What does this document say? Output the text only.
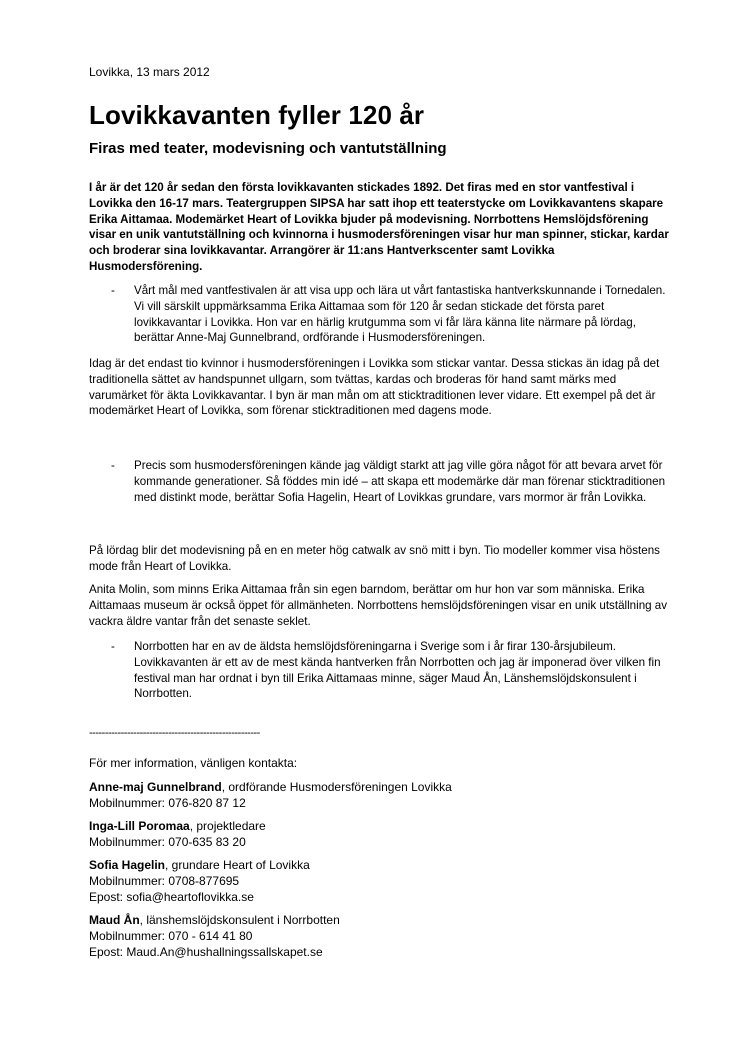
Lovikka, 13 mars 2012
Lovikkavanten fyller 120 år
Firas med teater, modevisning och vantutställning

I år är det 120 år sedan den första lovikkavanten stickades 1892. Det firas med en stor vantfestival i Lovikka den 16-17 mars. Teatergruppen SIPSA har satt ihop ett teaterstycke om Lovikkavantens skapare Erika Aittamaa. Modemärket Heart of Lovikka bjuder på modevisning. Norrbottens Hemslöjdsförening visar en unik vantutställning och kvinnorna i husmodersföreningen visar hur man spinner, stickar, kardar och broderar sina lovikkavantar. Arrangörer är 11:ans Hantverkscenter samt Lovikka Husmodersförening.

- Vårt mål med vantfestivalen är att visa upp och lära ut vårt fantastiska hantverkskunnande i Tornedalen. Vi vill särskilt uppmärksamma Erika Aittamaa som för 120 år sedan stickade det första paret lovikkavantar i Lovikka. Hon var en härlig krutgumma som vi får lära känna lite närmare på lördag, berättar Anne-Maj Gunnelbrand, ordförande i Husmodersföreningen.

Idag är det endast tio kvinnor i husmodersföreningen i Lovikka som stickar vantar. Dessa stickas än idag på det traditionella sättet av handspunnet ullgarn, som tvättas, kardas och broderas för hand samt märks med varumärket för äkta Lovikkavantar. I byn är man mån om att sticktraditionen lever vidare. Ett exempel på det är modemärket Heart of Lovikka, som förenar sticktraditionen med dagens mode.

- Precis som husmodersföreningen kände jag väldigt starkt att jag ville göra något för att bevara arvet för kommande generationer. Så föddes min idé – att skapa ett modemärke där man förenar sticktraditionen med distinkt mode, berättar Sofia Hagelin, Heart of Lovikkas grundare, vars mormor är från Lovikka.

På lördag blir det modevisning på en en meter hög catwalk av snö mitt i byn. Tio modeller kommer visa höstens mode från Heart of Lovikka.

Anita Molin, som minns Erika Aittamaa från sin egen barndom, berättar om hur hon var som människa. Erika Aittamaas museum är också öppet för allmänheten. Norrbottens hemslöjdsföreningen visar en unik utställning av vackra äldre vantar från det senaste seklet.

- Norrbotten har en av de äldsta hemslöjdsföreningarna i Sverige som i år firar 130-årsjubileum. Lovikkavanten är ett av de mest kända hantverken från Norrbotten och jag är imponerad över vilken fin festival man har ordnat i byn till Erika Aittamaas minne, säger Maud Ån, Länshemslöjdskonsulent i Norrbotten.
------------------------------------------------------
För mer information, vänligen kontakta:
Anne-maj Gunnelbrand, ordförande Husmodersföreningen Lovikka
Mobilnummer: 076-820 87 12
Inga-Lill Poromaa, projektledare
Mobilnummer: 070-635 83 20
Sofia Hagelin, grundare Heart of Lovikka
Mobilnummer: 0708-877695
Epost: sofia@heartoflovikka.se
Maud Ån, länshemslöjdskonsulent i Norrbotten
Mobilnummer: 070 - 614 41 80
Epost: Maud.An@hushallningssallskapet.se
